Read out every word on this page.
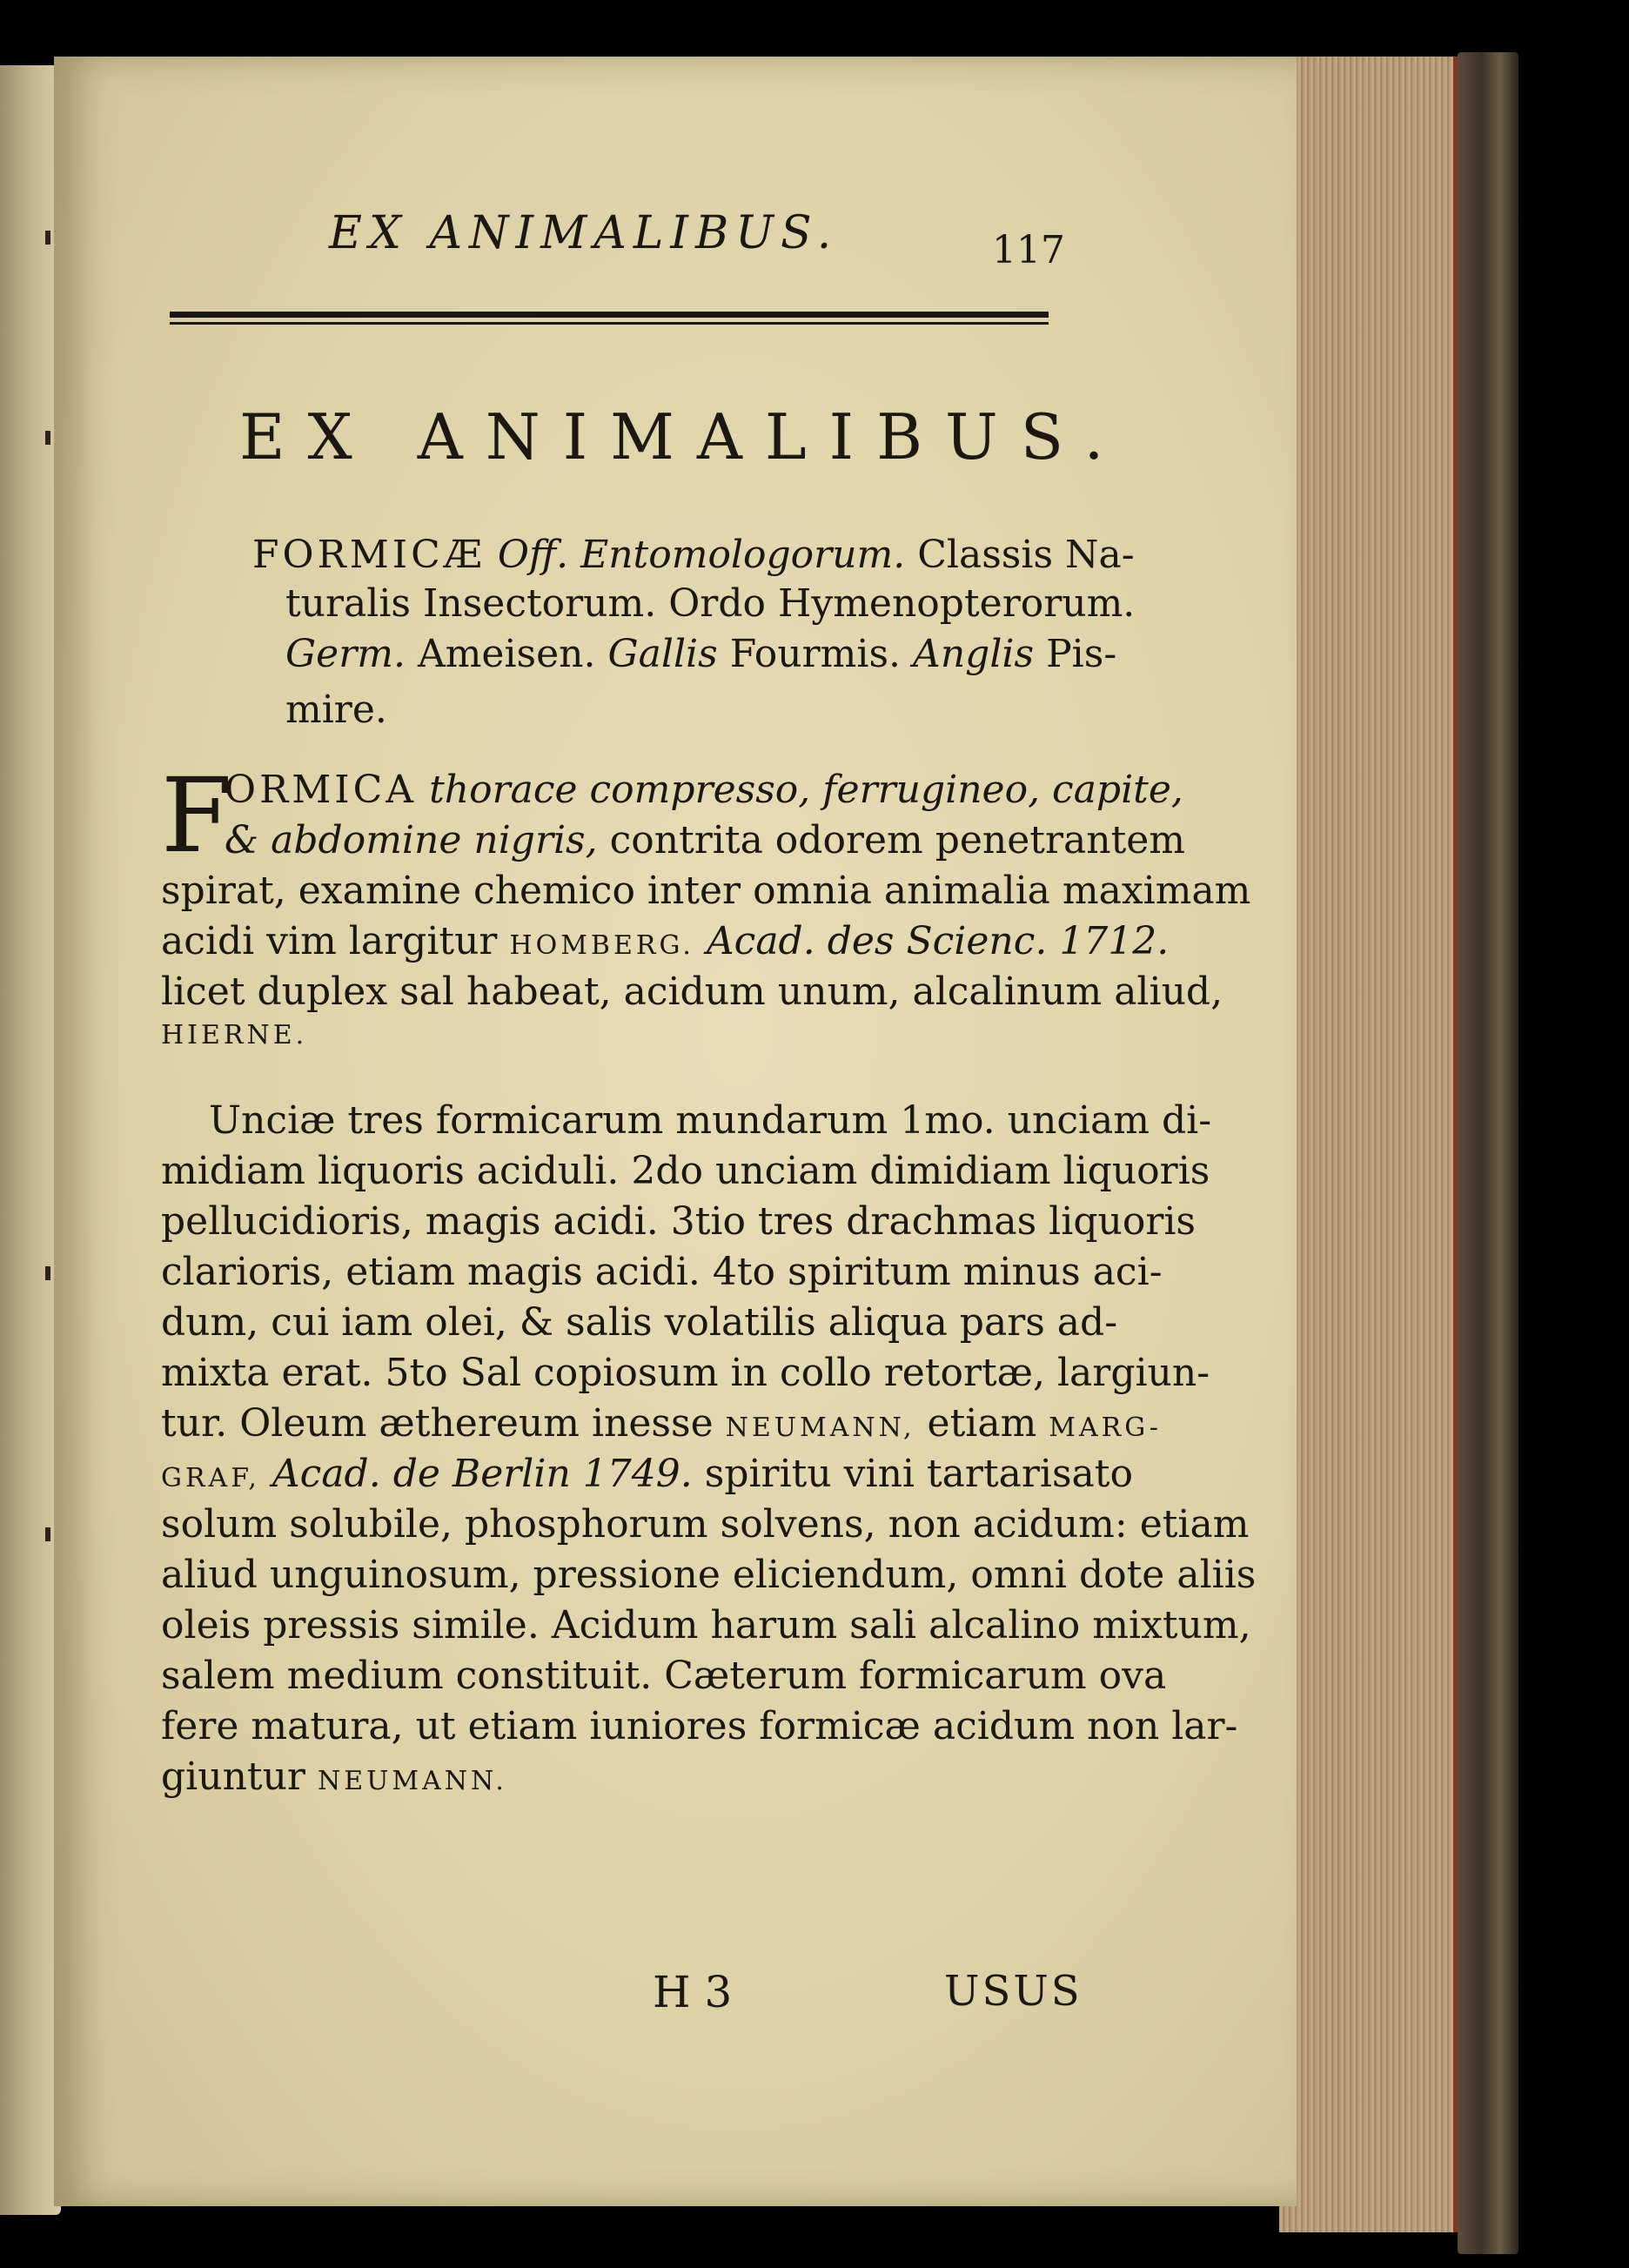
EX ANIMALIBUS.	117
EX ANIMALIBUS.
FORMICÆ Off. Entomologorum. Classis Na-
turalis Insectorum. Ordo Hymenopterorum.
Germ. Ameisen. Gallis Fourmis. Anglis Pis-
mire.
F
ORMICA thorace compresso, ferrugineo, capite,
& abdomine nigris, contrita odorem penetrantem
spirat, examine chemico inter omnia animalia maximam
acidi vim largitur HOMBERG. Acad. des Scienc. 1712.
licet duplex sal habeat, acidum unum, alcalinum aliud,
HIERNE.
Unciæ tres formicarum mundarum 1mo. unciam di-
midiam liquoris aciduli. 2do unciam dimidiam liquoris
pellucidioris, magis acidi. 3tio tres drachmas liquoris
clarioris, etiam magis acidi. 4to spiritum minus aci-
dum, cui iam olei, & salis volatilis aliqua pars ad-
mixta erat. 5to Sal copiosum in collo retortæ, largiun-
tur. Oleum æthereum inesse NEUMANN, etiam MARG-
GRAF, Acad. de Berlin 1749. spiritu vini tartarisato
solum solubile, phosphorum solvens, non acidum: etiam
aliud unguinosum, pressione eliciendum, omni dote aliis
oleis pressis simile. Acidum harum sali alcalino mixtum,
salem medium constituit. Cæterum formicarum ova
fere matura, ut etiam iuniores formicæ acidum non lar-
giuntur NEUMANN.
H 3	USUS
